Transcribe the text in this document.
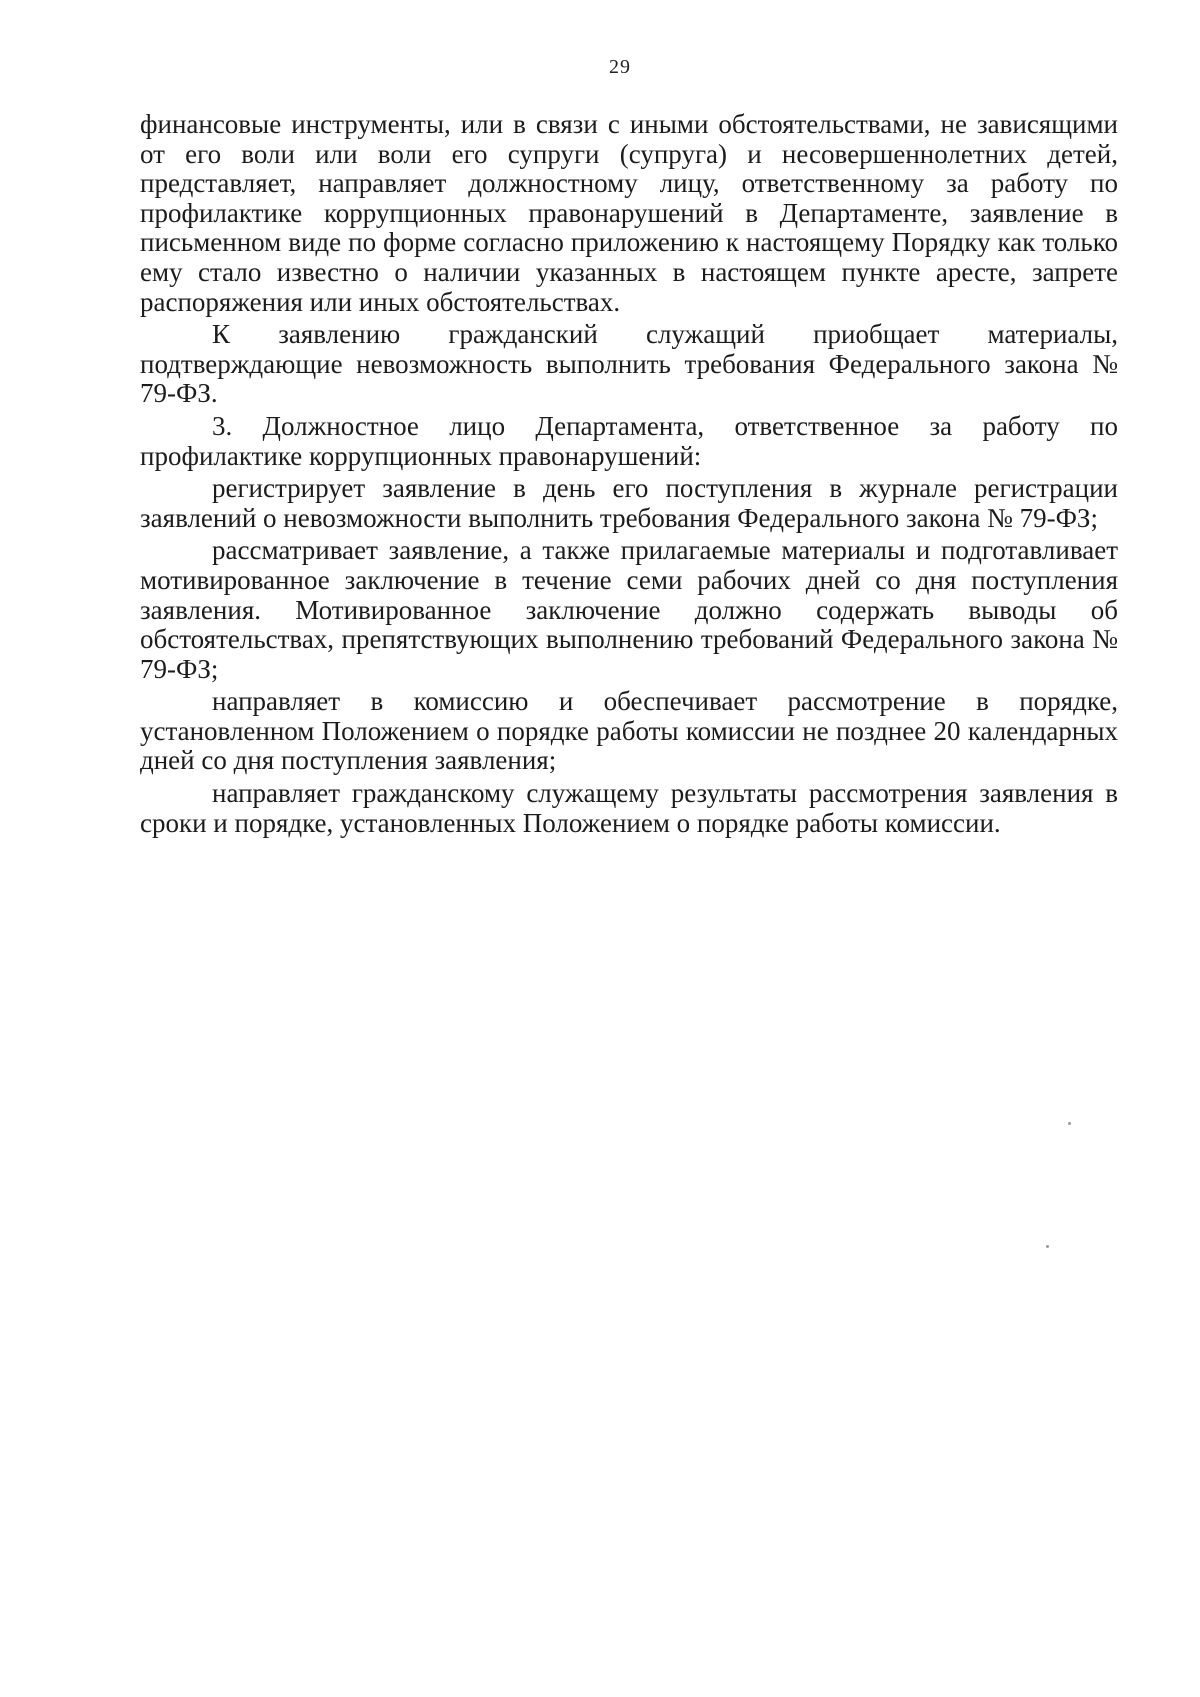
29

финансовые инструменты, или в связи с иными обстоятельствами, не зависящими от его воли или воли его супруги (супруга) и несовершеннолетних детей, представляет, направляет должностному лицу, ответственному за работу по профилактике коррупционных правонарушений в Департаменте, заявление в письменном виде по форме согласно приложению к настоящему Порядку как только ему стало известно о наличии указанных в настоящем пункте аресте, запрете распоряжения или иных обстоятельствах.

К заявлению гражданский служащий приобщает материалы, подтверждающие невозможность выполнить требования Федерального закона № 79-ФЗ.

3. Должностное лицо Департамента, ответственное за работу по профилактике коррупционных правонарушений:

регистрирует заявление в день его поступления в журнале регистрации заявлений о невозможности выполнить требования Федерального закона № 79-ФЗ;

рассматривает заявление, а также прилагаемые материалы и подготавливает мотивированное заключение в течение семи рабочих дней со дня поступления заявления. Мотивированное заключение должно содержать выводы об обстоятельствах, препятствующих выполнению требований Федерального закона № 79-ФЗ;

направляет в комиссию и обеспечивает рассмотрение в порядке, установленном Положением о порядке работы комиссии не позднее 20 календарных дней со дня поступления заявления;

направляет гражданскому служащему результаты рассмотрения заявления в сроки и порядке, установленных Положением о порядке работы комиссии.
